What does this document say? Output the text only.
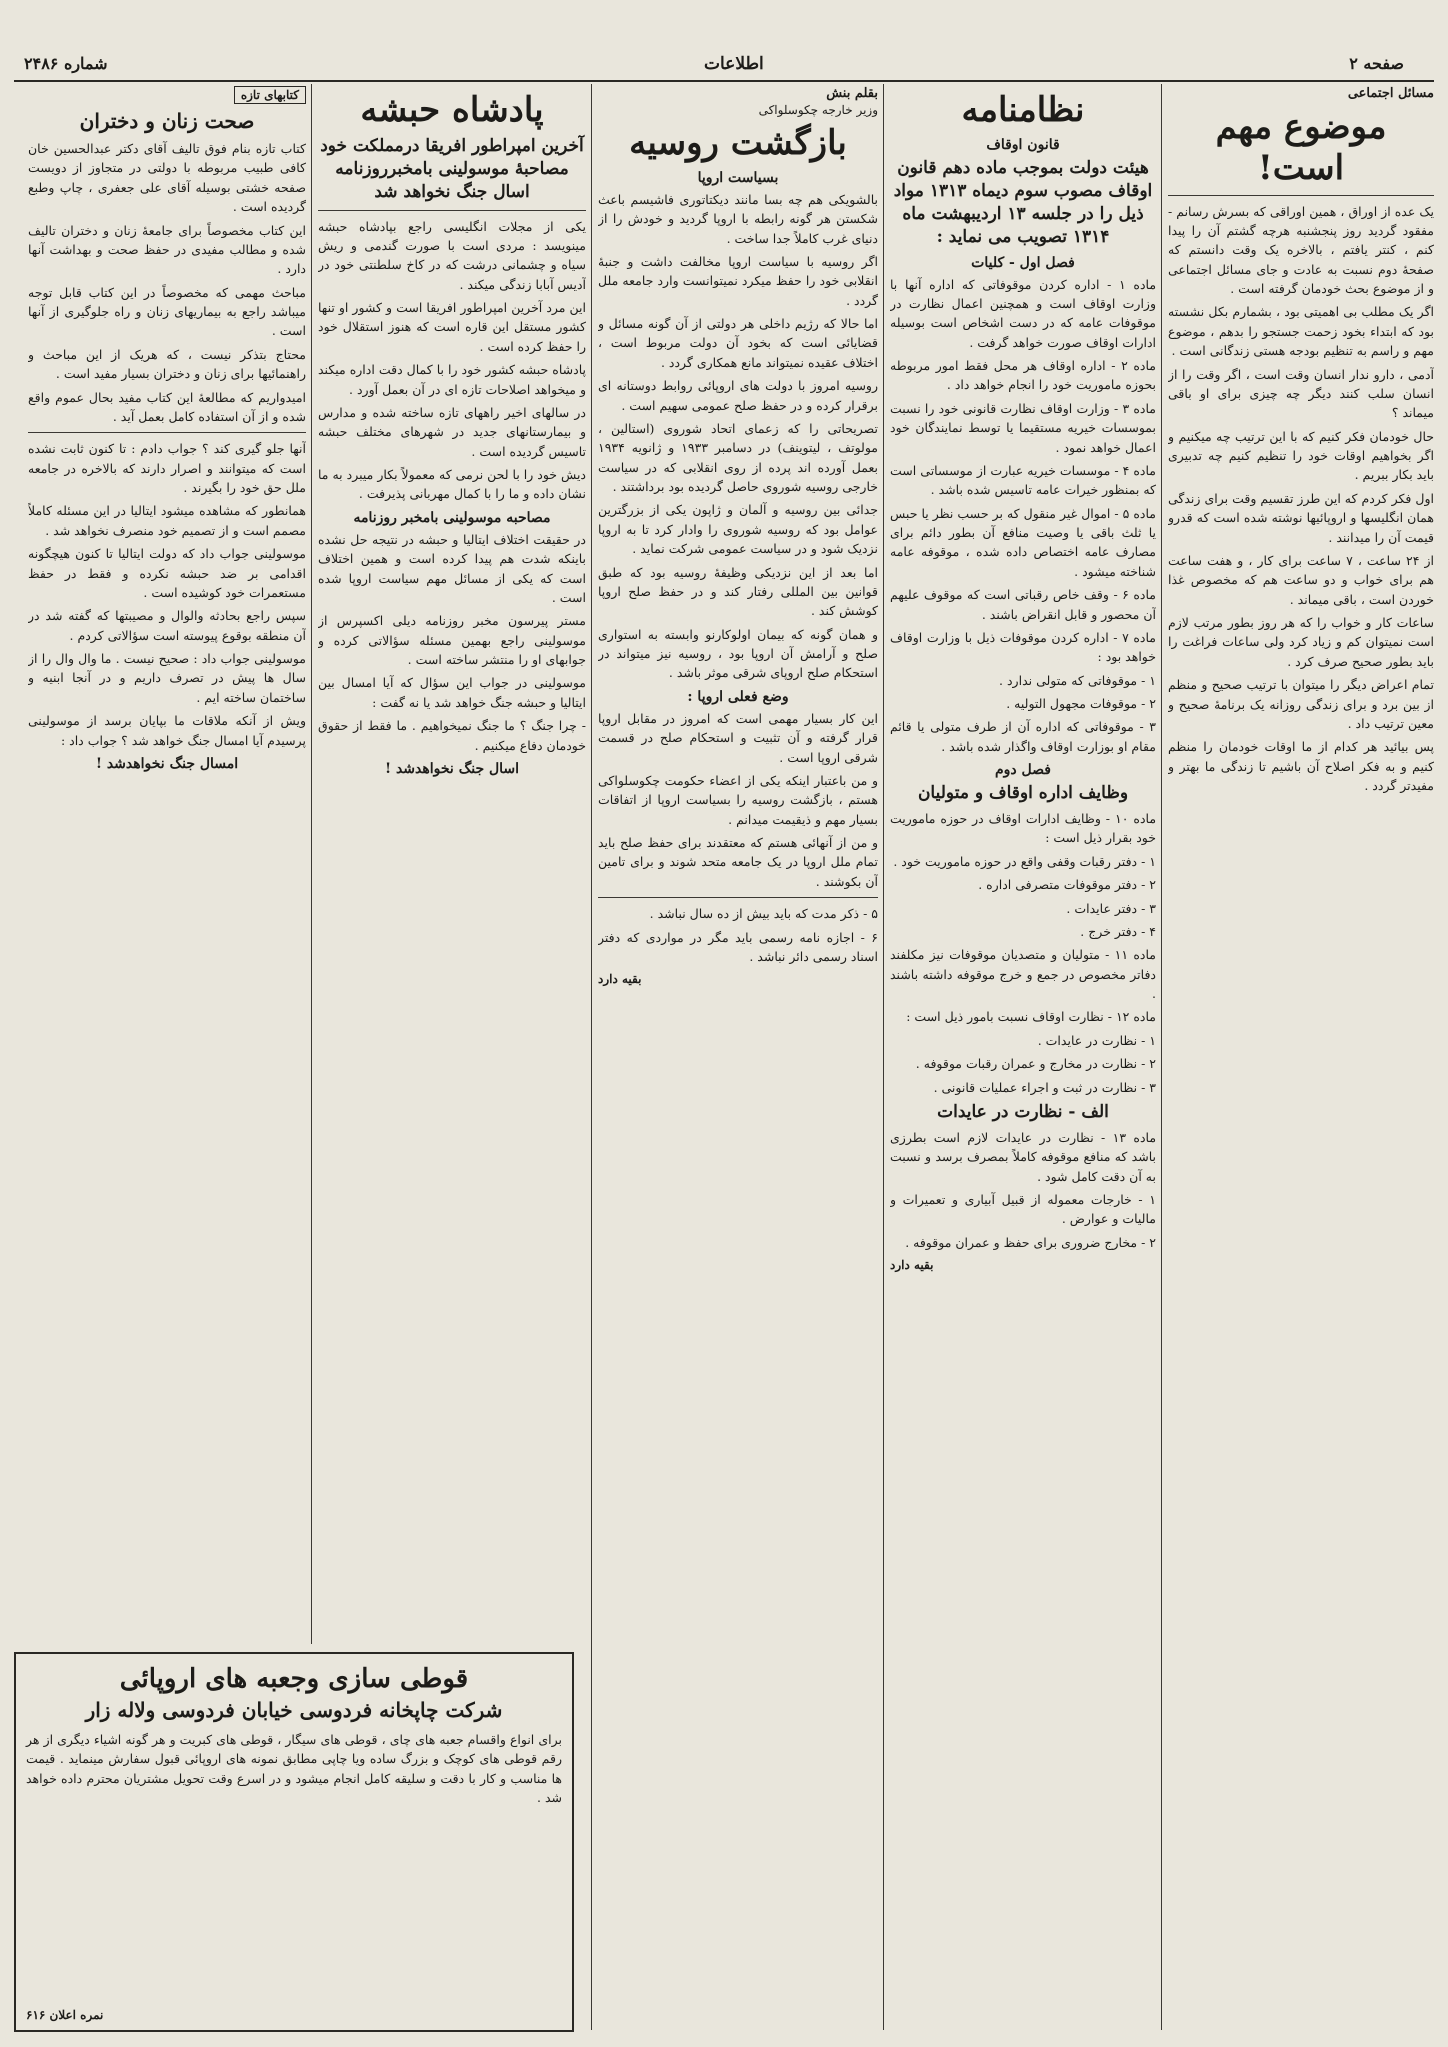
صفحه ۲
اطلاعات
شماره ۲۴۸۶
مسائل اجتماعی
موضوع مهم است!

یک عده از اوراق ، همین اوراقی که بسرش رسانم - مفقود گردید روز پنجشنبه هرچه گشتم آن را پیدا کنم ، کنتر یافتم ، بالاخره یک وقت دانستم که صفحهٔ دوم نسبت به عادت و جای مسائل اجتماعی و از موضوع بحث خودمان گرفته است .

اگر یک مطلب بی اهمیتی بود ، بشمارم بکل نشسته بود که ابتداء بخود زحمت جستجو را بدهم ، موضوع مهم و راسم به تنظیم بودجه هستی زندگانی است .

آدمی ، دارو ندار انسان وقت است ، اگر وقت را از انسان سلب کنند دیگر چه چیزی برای او باقی میماند ؟

حال خودمان فکر کنیم که با این ترتیب چه میکنیم و اگر بخواهیم اوقات خود را تنظیم کنیم چه تدبیری باید بکار ببریم .

اول فکر کردم که این طرز تقسیم وقت برای زندگی همان انگلیسها و اروپائیها نوشته شده است که قدرو قیمت آن را میدانند .

از ۲۴ ساعت ، ۷ ساعت برای کار ، و هفت ساعت هم برای خواب و دو ساعت هم که مخصوص غذا خوردن است ، باقی میماند .

ساعات کار و خواب را که هر روز بطور مرتب لازم است نمیتوان کم و زیاد کرد ولی ساعات فراغت را باید بطور صحیح صرف کرد .

تمام اعراض دیگر را میتوان با ترتیب صحیح و منظم از بین برد و برای زندگی روزانه یک برنامهٔ صحیح و معین ترتیب داد .

پس بیائید هر کدام از ما اوقات خودمان را منظم کنیم و به فکر اصلاح آن باشیم تا زندگی ما بهتر و مفیدتر گردد .

نظامنامه
قانون اوقاف
هیئت دولت بموجب ماده دهم قانون اوقاف مصوب سوم دیماه ۱۳۱۳ مواد ذیل را در جلسه ۱۳ اردیبهشت ماه ۱۳۱۴ تصویب می نماید :
فصل اول - کلیات

ماده ۱ - اداره کردن موقوفاتی که اداره آنها با وزارت اوقاف است و همچنین اعمال نظارت در موقوفات عامه که در دست اشخاص است بوسیله ادارات اوقاف صورت خواهد گرفت .

ماده ۲ - اداره اوقاف هر محل فقط امور مربوطه بحوزه ماموریت خود را انجام خواهد داد .

ماده ۳ - وزارت اوقاف نظارت قانونی خود را نسبت بموسسات خیریه مستقیما یا توسط نمایندگان خود اعمال خواهد نمود .

ماده ۴ - موسسات خیریه عبارت از موسساتی است که بمنظور خیرات عامه تاسیس شده باشد .

ماده ۵ - اموال غیر منقول که بر حسب نظر یا حبس یا ثلث باقی یا وصیت منافع آن بطور دائم برای مصارف عامه اختصاص داده شده ، موقوفه عامه شناخته میشود .

ماده ۶ - وقف خاص رقباتی است که موقوف علیهم آن محصور و قابل انقراض باشند .

ماده ۷ - اداره کردن موقوفات ذیل با وزارت اوقاف خواهد بود :

۱ - موقوفاتی که متولی ندارد .

۲ - موقوفات مجهول التولیه .

۳ - موقوفاتی که اداره آن از طرف متولی یا قائم مقام او بوزارت اوقاف واگذار شده باشد .

فصل دوم
وظایف اداره اوقاف و متولیان

ماده ۱۰ - وظایف ادارات اوقاف در حوزه ماموریت خود بقرار ذیل است :

۱ - دفتر رقبات وقفی واقع در حوزه ماموریت خود .

۲ - دفتر موقوفات متصرفی اداره .

۳ - دفتر عایدات .

۴ - دفتر خرج .

ماده ۱۱ - متولیان و متصدیان موقوفات نیز مکلفند دفاتر مخصوص در جمع و خرج موقوفه داشته باشند .

ماده ۱۲ - نظارت اوقاف نسبت بامور ذیل است :

۱ - نظارت در عایدات .

۲ - نظارت در مخارج و عمران رقبات موقوفه .

۳ - نظارت در ثبت و اجراء عملیات قانونی .

الف - نظارت در عایدات

ماده ۱۳ - نظارت در عایدات لازم است بطرزی باشد که منافع موقوفه کاملاً بمصرف برسد و نسبت به آن دقت کامل شود .

۱ - خارجات معموله از قبیل آبیاری و تعمیرات و مالیات و عوارض .

۲ - مخارج ضروری برای حفظ و عمران موقوفه .

بقیه دارد
بقلم بنش
وزیر خارجه چکوسلواکی
بازگشت روسیه
بسیاست اروپا

بالشویکی هم چه بسا مانند دیکتاتوری فاشیسم باعث شکستن هر گونه رابطه با اروپا گردید و خودش را از دنیای غرب کاملاً جدا ساخت .

اگر روسیه با سیاست اروپا مخالفت داشت و جنبهٔ انقلابی خود را حفظ میکرد نمیتوانست وارد جامعه ملل گردد .

اما حالا که رژیم داخلی هر دولتی از آن گونه مسائل و قضایائی است که بخود آن دولت مربوط است ، اختلاف عقیده نمیتواند مانع همکاری گردد .

روسیه امروز با دولت های اروپائی روابط دوستانه ای برقرار کرده و در حفظ صلح عمومی سهیم است .

تصریحاتی را که زعمای اتحاد شوروی (استالین ، مولوتف ، لیتوینف) در دسامبر ۱۹۳۳ و ژانویه ۱۹۳۴ بعمل آورده اند پرده از روی انقلابی که در سیاست خارجی روسیه شوروی حاصل گردیده بود برداشتند .

جدائی بین روسیه و آلمان و ژاپون یکی از بزرگترین عوامل بود که روسیه شوروی را وادار کرد تا به اروپا نزدیک شود و در سیاست عمومی شرکت نماید .

اما بعد از این نزدیکی وظیفهٔ روسیه بود که طبق قوانین بین المللی رفتار کند و در حفظ صلح اروپا کوشش کند .

و همان گونه که بیمان اولوکارنو وابسته به استواری صلح و آرامش آن اروپا بود ، روسیه نیز میتواند در استحکام صلح اروپای شرقی موثر باشد .

وضع فعلی اروپا :

این کار بسیار مهمی است که امروز در مقابل اروپا قرار گرفته و آن تثبیت و استحکام صلح در قسمت شرقی اروپا است .

و من باعتبار اینکه یکی از اعضاء حکومت چکوسلواکی هستم ، بازگشت روسیه را بسیاست اروپا از اتفاقات بسیار مهم و ذیقیمت میدانم .

و من از آنهائی هستم که معتقدند برای حفظ صلح باید تمام ملل اروپا در یک جامعه متحد شوند و برای تامین آن بکوشند .

۵ - ذکر مدت که باید بیش از ده سال نباشد .

۶ - اجازه نامه رسمی باید مگر در مواردی که دفتر اسناد رسمی دائر نباشد .

بقیه دارد
پادشاه حبشه
آخرین امپراطور افریقا درمملکت خود مصاحبهٔ موسولینی بامخبرروزنامه اسال جنگ نخواهد شد

یکی از مجلات انگلیسی راجع بپادشاه حبشه مینویسد : مردی است با صورت گندمی و ریش سیاه و چشمانی درشت که در کاخ سلطنتی خود در آدیس آبابا زندگی میکند .

این مرد آخرین امپراطور افریقا است و کشور او تنها کشور مستقل این قاره است که هنوز استقلال خود را حفظ کرده است .

پادشاه حبشه کشور خود را با کمال دقت اداره میکند و میخواهد اصلاحات تازه ای در آن بعمل آورد .

در سالهای اخیر راههای تازه ساخته شده و مدارس و بیمارستانهای جدید در شهرهای مختلف حبشه تاسیس گردیده است .

دیش خود را با لحن نرمی که معمولاً بکار میبرد به ما نشان داده و ما را با کمال مهربانی پذیرفت .

مصاحبه موسولینی بامخبر روزنامه

در حقیقت اختلاف ایتالیا و حبشه در نتیجه حل نشده باینکه شدت هم پیدا کرده است و همین اختلاف است که یکی از مسائل مهم سیاست اروپا شده است .

مستر پیرسون مخبر روزنامه دیلی اکسپرس از موسولینی راجع بهمین مسئله سؤالاتی کرده و جوابهای او را منتشر ساخته است .

موسولینی در جواب این سؤال که آیا امسال بین ایتالیا و حبشه جنگ خواهد شد یا نه گفت :

- چرا جنگ ؟ ما جنگ نمیخواهیم . ما فقط از حقوق خودمان دفاع میکنیم .

اسال جنگ نخواهدشد !
کتابهای تازه
صحت زنان و دختران

کتاب تازه بنام فوق تالیف آقای دکتر عبدالحسین خان کافی طبیب مربوطه با دولتی در متجاوز از دویست صفحه خشتی بوسیله آقای علی جعفری ، چاپ وطبع گردیده است .

این کتاب مخصوصاً برای جامعهٔ زنان و دختران تالیف شده و مطالب مفیدی در حفظ صحت و بهداشت آنها دارد .

مباحث مهمی که مخصوصاً در این کتاب قابل توجه میباشد راجع به بیماریهای زنان و راه جلوگیری از آنها است .

محتاج بتذکر نیست ، که هریک از این مباحث و راهنمائیها برای زنان و دختران بسیار مفید است .

امیدواریم که مطالعهٔ این کتاب مفید بحال عموم واقع شده و از آن استفاده کامل بعمل آید .

آنها جلو گیری کند ؟ جواب دادم : تا کنون ثابت نشده است که میتوانند و اصرار دارند که بالاخره در جامعه ملل حق خود را بگیرند .

همانطور که مشاهده میشود ایتالیا در این مسئله کاملاً مصمم است و از تصمیم خود منصرف نخواهد شد .

موسولینی جواب داد که دولت ایتالیا تا کنون هیچگونه اقدامی بر ضد حبشه نکرده و فقط در حفظ مستعمرات خود کوشیده است .

سپس راجع بحادثه والوال و مصیبتها که گفته شد در آن منطقه بوقوع پیوسته است سؤالاتی کردم .

موسولینی جواب داد : صحیح نیست . ما وال وال را از سال ها پیش در تصرف داریم و در آنجا ابنیه و ساختمان ساخته ایم .

ویش از آنکه ملاقات ما بپایان برسد از موسولینی پرسیدم آیا امسال جنگ خواهد شد ؟ جواب داد :

امسال جنگ نخواهدشد !
قوطی سازی وجعبه های اروپائی
شرکت چاپخانه فردوسی خیابان فردوسی ولاله زار
برای انواع واقسام جعبه های چای ، قوطی های سیگار ، قوطی های کبریت و هر گونه اشیاء دیگری از هر رقم قوطی های کوچک و بزرگ ساده ویا چاپی مطابق نمونه های اروپائی قبول سفارش مینماید . قیمت ها مناسب و کار با دقت و سلیقه کامل انجام میشود و در اسرع وقت تحویل مشتریان محترم داده خواهد شد .
نمره اعلان ۶۱۶
